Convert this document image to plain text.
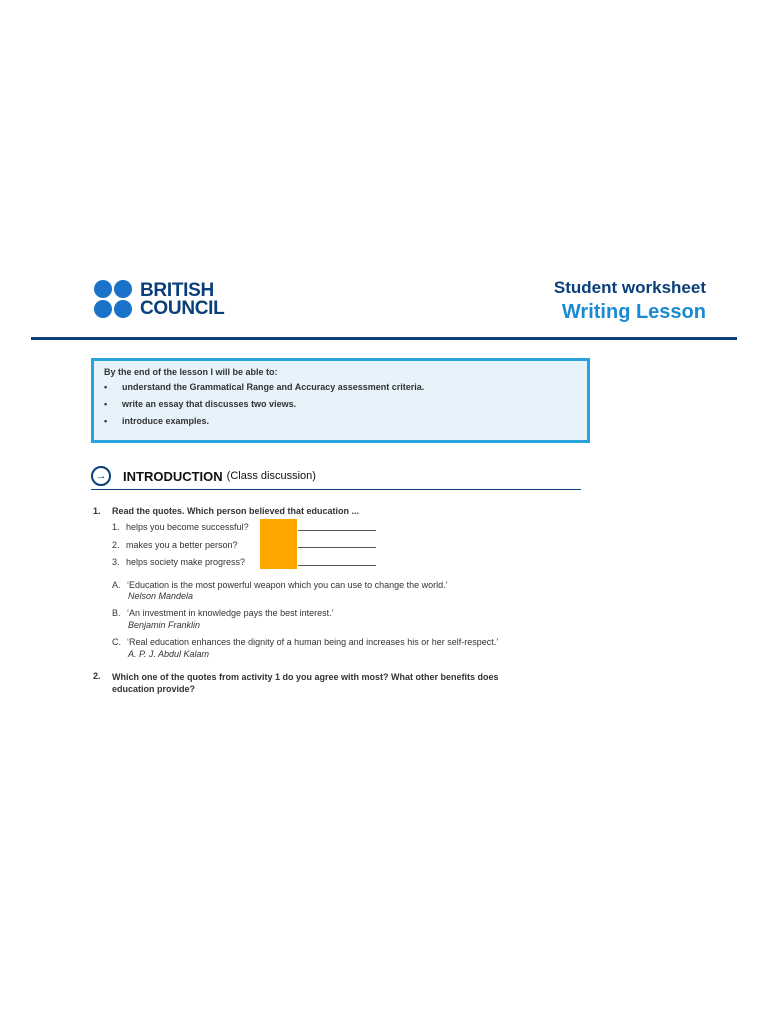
BRITISH
COUNCIL
Student worksheet
Writing Lesson
By the end of the lesson I will be able to:
•	understand the Grammatical Range and Accuracy assessment criteria.
•	write an essay that discusses two views.
•	introduce examples.
→	INTRODUCTION (Class discussion)
1. Read the quotes. Which person believed that education ...
1. helps you become successful?
2. makes you a better person?
3. helps society make progress?
A. ‘Education is the most powerful weapon which you can use to change the world.’
Nelson Mandela
B. ‘An investment in knowledge pays the best interest.’
Benjamin Franklin
C. ‘Real education enhances the dignity of a human being and increases his or her self-respect.’
A. P. J. Abdul Kalam
2.	Which one of the quotes from activity 1 do you agree with most? What other benefits does education provide?
